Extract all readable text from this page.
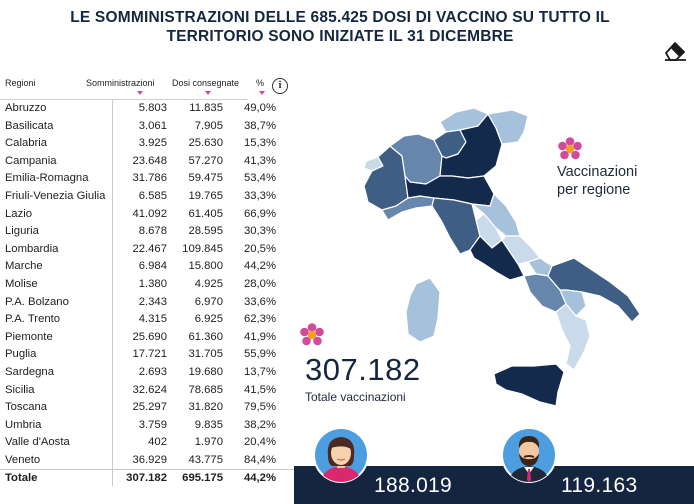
LE SOMMINISTRAZIONI DELLE 685.425 DOSI DI VACCINO SU TUTTO IL
TERRITORIO SONO INIZIATE IL 31 DICEMBRE
Regioni	Somministrazioni Dosi consegnate %	i
Abruzzo	5.803 11.835 49,0%
Basilicata	3.061 7.905 38,7%
Calabria	3.925 25.630 15,3%
Campania	23.648 57.270 41,3%
Emilia-Romagna	31.786 59.475 53,4%
Friuli-Venezia Giulia	6.585 19.765 33,3%
Lazio	41.092 61.405 66,9%
Liguria	8.678 28.595 30,3%
Lombardia	22.467 109.845 20,5%
Marche	6.984 15.800 44,2%
Molise	1.380 4.925 28,0%
P.A. Bolzano	2.343 6.970 33,6%
P.A. Trento	4.315 6.925 62,3%
Piemonte	25.690 61.360 41,9%
Puglia	17.721 31.705 55,9%
Sardegna	2.693 19.680 13,7%
Sicilia	32.624 78.685 41,5%
Toscana	25.297 31.820 79,5%
Umbria	3.759 9.835 38,2%
Valle d'Aosta	402 1.970 20,4%
Veneto	36.929 43.775 84,4%
Totale	307.182 695.175 44,2%
Vaccinazioni
per regione
307.182
Totale vaccinazioni
188.019	119.163
